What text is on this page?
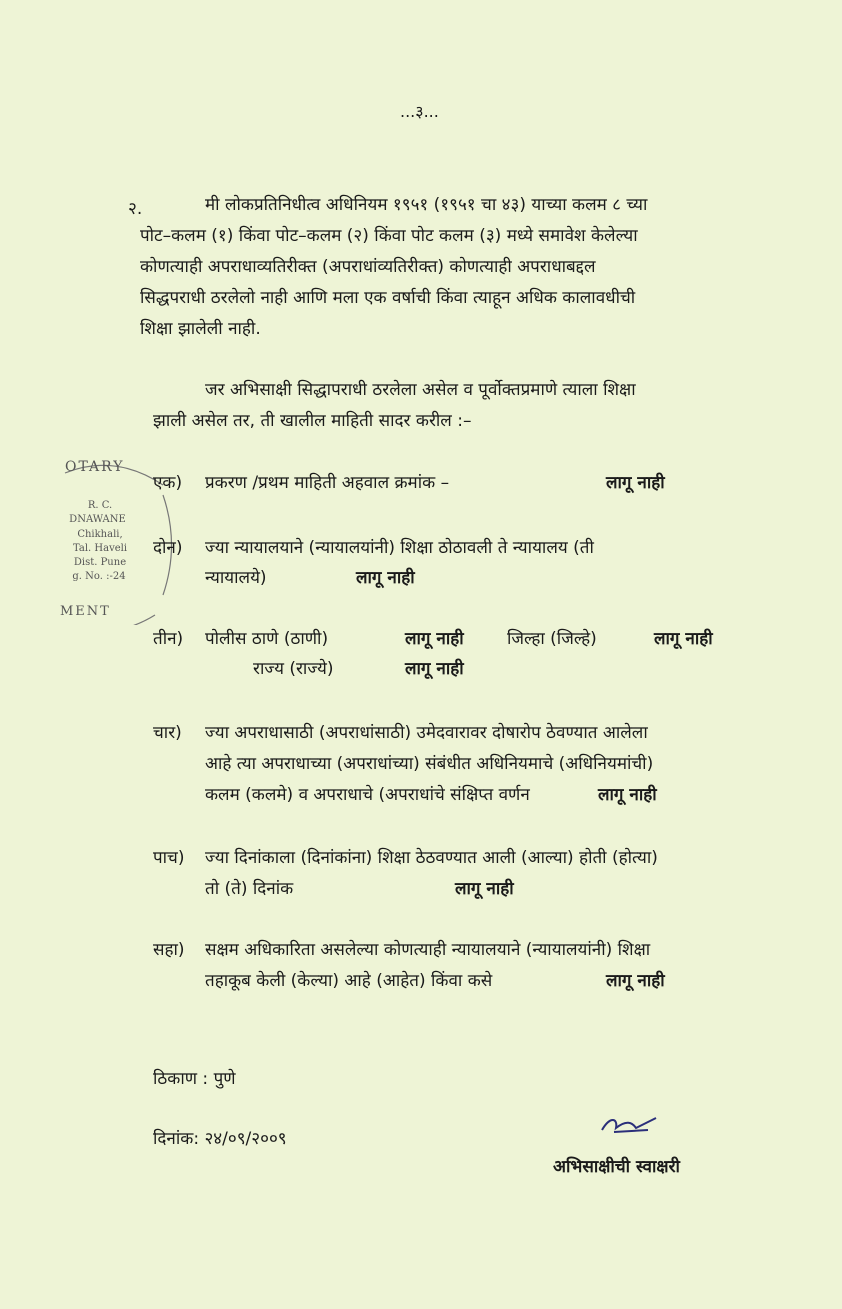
...३...
२.	मी लोकप्रतिनिधीत्व अधिनियम १९५१ (१९५१ चा ४३) याच्या कलम ८ च्या
पोट–कलम (१) किंवा पोट–कलम (२) किंवा पोट कलम (३) मध्ये समावेश केलेल्या
कोणत्याही अपराधाव्यतिरीक्त (अपराधांव्यतिरीक्त) कोणत्याही अपराधाबद्दल
सिद्धपराधी ठरलेलो नाही आणि मला एक वर्षाची किंवा त्याहून अधिक कालावधीची
शिक्षा झालेली नाही.
जर अभिसाक्षी सिद्धापराधी ठरलेला असेल व पूर्वोक्तप्रमाणे त्याला शिक्षा
झाली असेल तर, ती खालील माहिती सादर करील :–
OTARY
R. C.
DNAWANE
Chikhali,
Tal. Haveli
Dist. Pune
g. No. :-24
MENT
एक) प्रकरण /प्रथम माहिती अहवाल क्रमांक –	लागू नाही
दोन) ज्या न्यायालयाने (न्यायालयांनी) शिक्षा ठोठावली ते न्यायालय (ती
न्यायालये)	लागू नाही
तीन) पोलीस ठाणे (ठाणी)	लागू नाही	जिल्हा (जिल्हे)	लागू नाही
राज्य (राज्ये)	लागू नाही
चार) ज्या अपराधासाठी (अपराधांसाठी) उमेदवारावर दोषारोप ठेवण्यात आलेला
आहे त्या अपराधाच्या (अपराधांच्या) संबंधीत अधिनियमाचे (अधिनियमांची)
कलम (कलमे) व अपराधाचे (अपराधांचे संक्षिप्त वर्णन	लागू नाही
पाच) ज्या दिनांकाला (दिनांकांना) शिक्षा ठेठवण्यात आली (आल्या) होती (होत्या)
तो (ते) दिनांक	लागू नाही
सहा) सक्षम अधिकारिता असलेल्या कोणत्याही न्यायालयाने (न्यायालयांनी) शिक्षा
तहाकूब केली (केल्या) आहे (आहेत) किंवा कसे	लागू नाही
ठिकाण : पुणे
दिनांक: २४/०९/२००९
अभिसाक्षीची स्वाक्षरी
